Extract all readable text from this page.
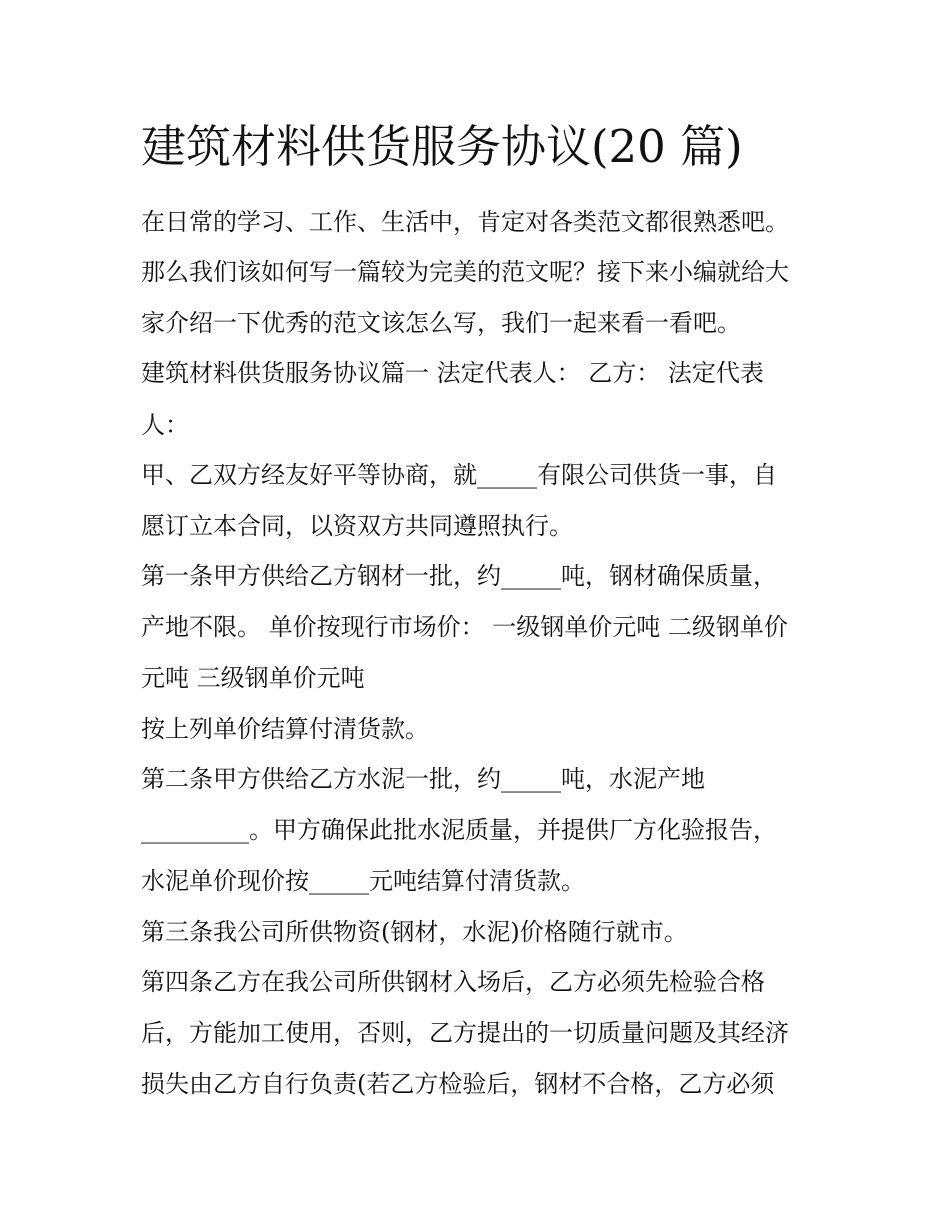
建筑材料供货服务协议(20 篇)
在日常的学习、工作、生活中，肯定对各类范文都很熟悉吧。
那么我们该如何写一篇较为完美的范文呢？接下来小编就给大
家介绍一下优秀的范文该怎么写，我们一起来看一看吧。
建筑材料供货服务协议篇一 法定代表人： 乙方： 法定代表
人：
甲、乙双方经友好平等协商，就_____有限公司供货一事，自
愿订立本合同，以资双方共同遵照执行。
第一条甲方供给乙方钢材一批，约_____吨，钢材确保质量，
产地不限。 单价按现行市场价： 一级钢单价元吨 二级钢单价
元吨 三级钢单价元吨
按上列单价结算付清货款。
第二条甲方供给乙方水泥一批，约_____吨，水泥产地
_________。甲方确保此批水泥质量，并提供厂方化验报告，
水泥单价现价按_____元吨结算付清货款。
第三条我公司所供物资(钢材，水泥)价格随行就市。
第四条乙方在我公司所供钢材入场后，乙方必须先检验合格
后，方能加工使用，否则，乙方提出的一切质量问题及其经济
损失由乙方自行负责(若乙方检验后，钢材不合格，乙方必须
